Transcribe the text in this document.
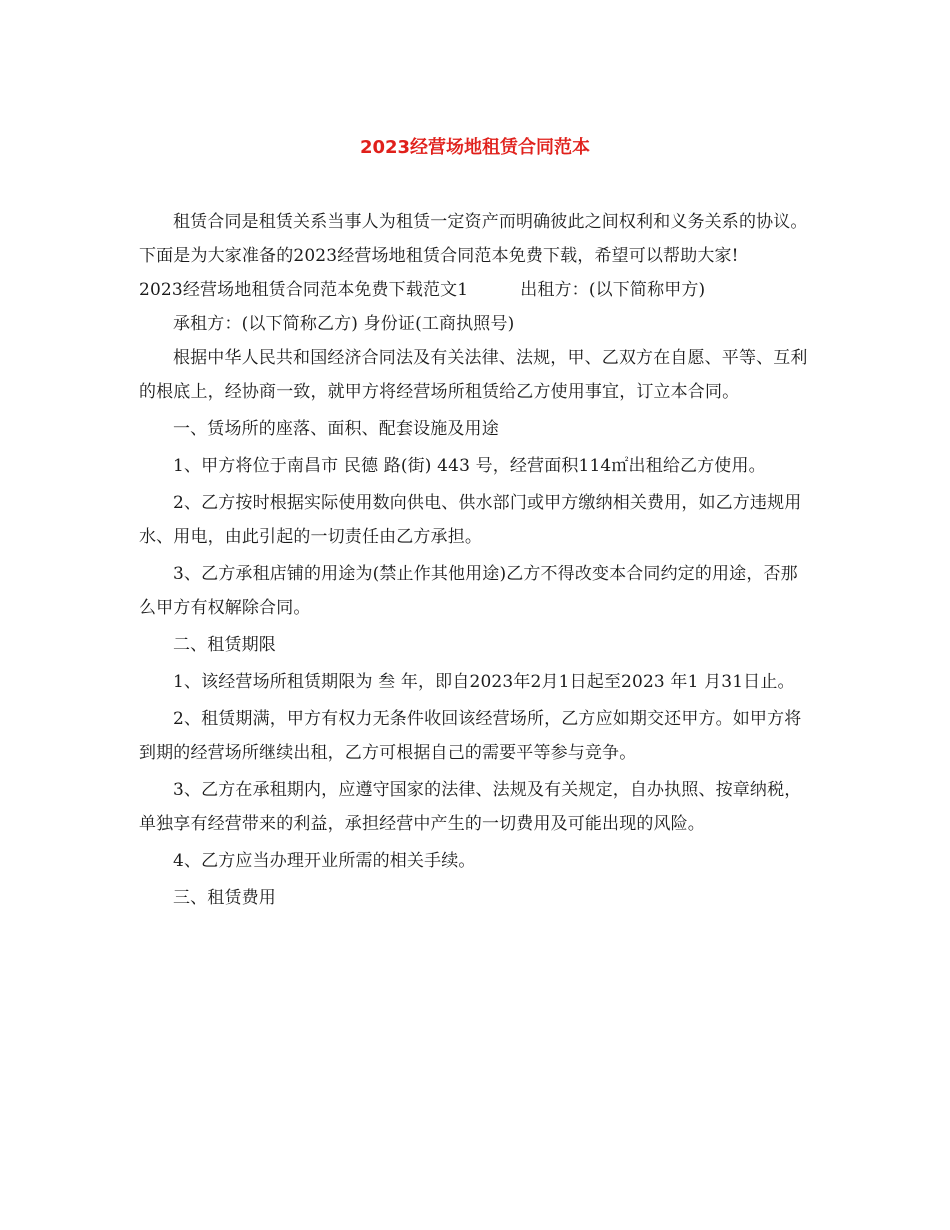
2023经营场地租赁合同范本

租赁合同是租赁关系当事人为租赁一定资产而明确彼此之间权利和义务关系的协议。下面是为大家准备的2023经营场地租赁合同范本免费下载，希望可以帮助大家!

2023经营场地租赁合同范本免费下载范文1	出租方：(以下简称甲方)

承租方：(以下简称乙方) 身份证(工商执照号)

根据中华人民共和国经济合同法及有关法律、法规，甲、乙双方在自愿、平等、互利的根底上，经协商一致，就甲方将经营场所租赁给乙方使用事宜，订立本合同。

一、赁场所的座落、面积、配套设施及用途

1、甲方将位于南昌市 民德 路(街) 443 号，经营面积114㎡出租给乙方使用。

2、乙方按时根据实际使用数向供电、供水部门或甲方缴纳相关费用，如乙方违规用水、用电，由此引起的一切责任由乙方承担。

3、乙方承租店铺的用途为(禁止作其他用途)乙方不得改变本合同约定的用途，否那么甲方有权解除合同。

二、租赁期限

1、该经营场所租赁期限为 叁 年，即自2023年2月1日起至2023 年1 月31日止。

2、租赁期满，甲方有权力无条件收回该经营场所，乙方应如期交还甲方。如甲方将到期的经营场所继续出租，乙方可根据自己的需要平等参与竞争。

3、乙方在承租期内，应遵守国家的法律、法规及有关规定，自办执照、按章纳税，单独享有经营带来的利益，承担经营中产生的一切费用及可能出现的风险。

4、乙方应当办理开业所需的相关手续。

三、租赁费用
